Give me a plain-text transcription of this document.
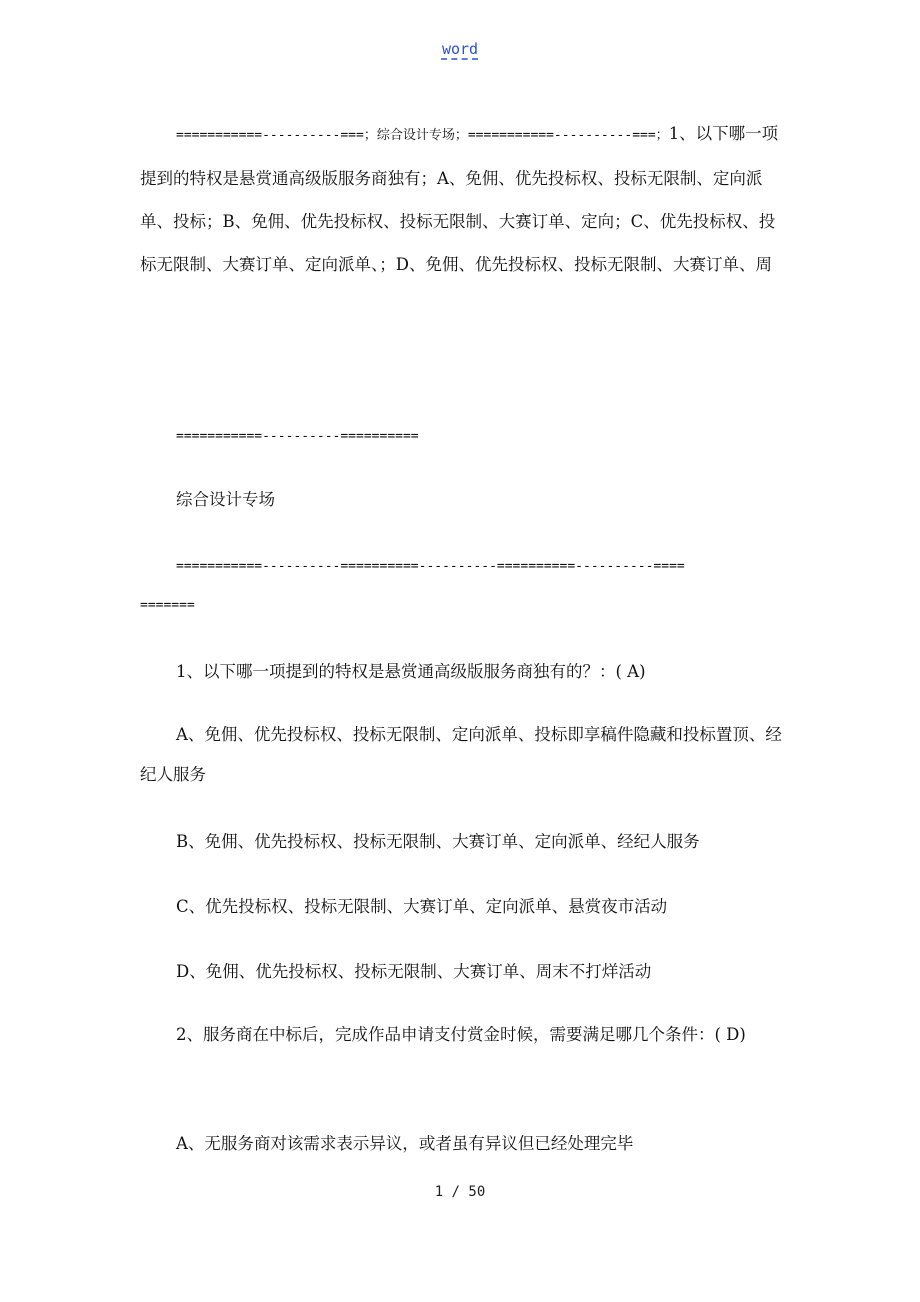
word

===========----------===；综合设计专场；===========----------===；1、以下哪一项提到的特权是悬赏通高级版服务商独有；A、免佣、优先投标权、投标无限制、定向派单、投标；B、免佣、优先投标权、投标无限制、大赛订单、定向；C、优先投标权、投标无限制、大赛订单、定向派单、；D、免佣、优先投标权、投标无限制、大赛订单、周

===========----------==========

综合设计专场

===========----------==========----------==========----------====

=======

1、以下哪一项提到的特权是悬赏通高级版服务商独有的？：( A)

A、免佣、优先投标权、投标无限制、定向派单、投标即享稿件隐藏和投标置顶、经纪人服务

B、免佣、优先投标权、投标无限制、大赛订单、定向派单、经纪人服务

C、优先投标权、投标无限制、大赛订单、定向派单、悬赏夜市活动

D、免佣、优先投标权、投标无限制、大赛订单、周末不打烊活动

2、服务商在中标后，完成作品申请支付赏金时候，需要满足哪几个条件：( D)

A、无服务商对该需求表示异议，或者虽有异议但已经处理完毕

1 / 50
